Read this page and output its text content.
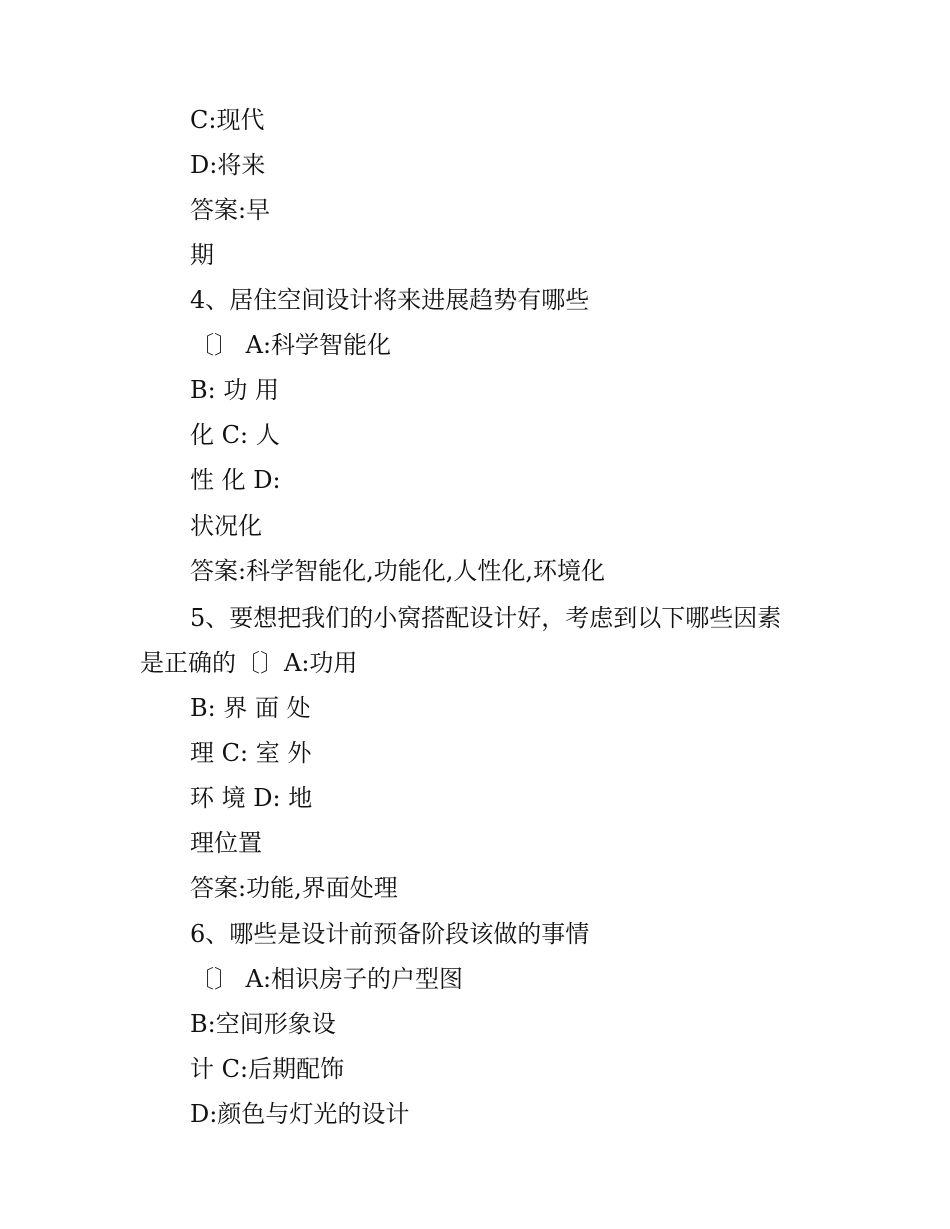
C:现代
D:将来
答案:早
期
4、居住空间设计将来进展趋势有哪些
〔〕 A:科学智能化
B: 功 用
化 C: 人
性 化 D:
状况化
答案:科学智能化,功能化,人性化,环境化
5、要想把我们的小窝搭配设计好，考虑到以下哪些因素
是正确的〔〕A:功用
B: 界 面 处
理 C: 室 外
环 境 D: 地
理位置
答案:功能,界面处理
6、哪些是设计前预备阶段该做的事情
〔〕 A:相识房子的户型图
B:空间形象设
计 C:后期配饰
D:颜色与灯光的设计
